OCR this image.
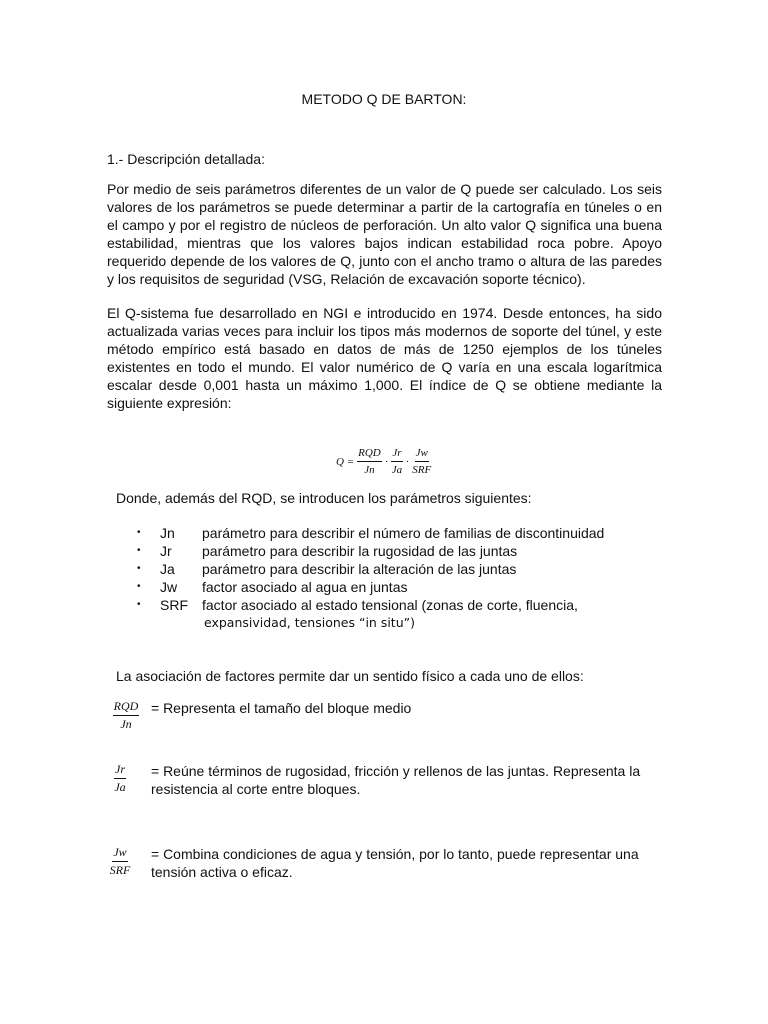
METODO Q DE BARTON:
1.- Descripción detallada:
Por medio de seis parámetros diferentes de un valor de Q puede ser calculado. Los seis valores de los parámetros se puede determinar a partir de la cartografía en túneles o en el campo y por el registro de núcleos de perforación. Un alto valor Q significa una buena estabilidad, mientras que los valores bajos indican estabilidad roca pobre. Apoyo requerido depende de los valores de Q, junto con el ancho tramo o altura de las paredes y los requisitos de seguridad (VSG, Relación de excavación soporte técnico).
El Q-sistema fue desarrollado en NGI e introducido en 1974. Desde entonces, ha sido actualizada varias veces para incluir los tipos más modernos de soporte del túnel, y este método empírico está basado en datos de más de 1250 ejemplos de los túneles existentes en todo el mundo. El valor numérico de Q varía en una escala logarítmica escalar desde 0,001 hasta un máximo 1,000. El índice de Q se obtiene mediante la siguiente expresión:
$Q = \frac{\text{RQD}}{Jn} \cdot \frac{Jr}{Ja} \cdot \frac{Jw}{\text{SRF}}$
Donde, además del RQD, se introducen los parámetros siguientes:
•	Jn	parámetro para describir el número de familias de discontinuidad
•	Jr	parámetro para describir la rugosidad de las juntas
•	Ja	parámetro para describir la alteración de las juntas
•	Jw	factor asociado al agua en juntas
•	SRF	factor asociado al estado tensional (zonas de corte, fluencia,
expansividad, tensiones “in situ”)
La asociación de factores permite dar un sentido físico a cada uno de ellos:
$\frac{\text{RQD}}{Jn}$ = Representa el tamaño del bloque medio
$\frac{Jr}{Ja}$ = Reúne términos de rugosidad, fricción y rellenos de las juntas. Representa la resistencia al corte entre bloques.
$\frac{Jw}{\text{SRF}}$ = Combina condiciones de agua y tensión, por lo tanto, puede representar una tensión activa o eficaz.
